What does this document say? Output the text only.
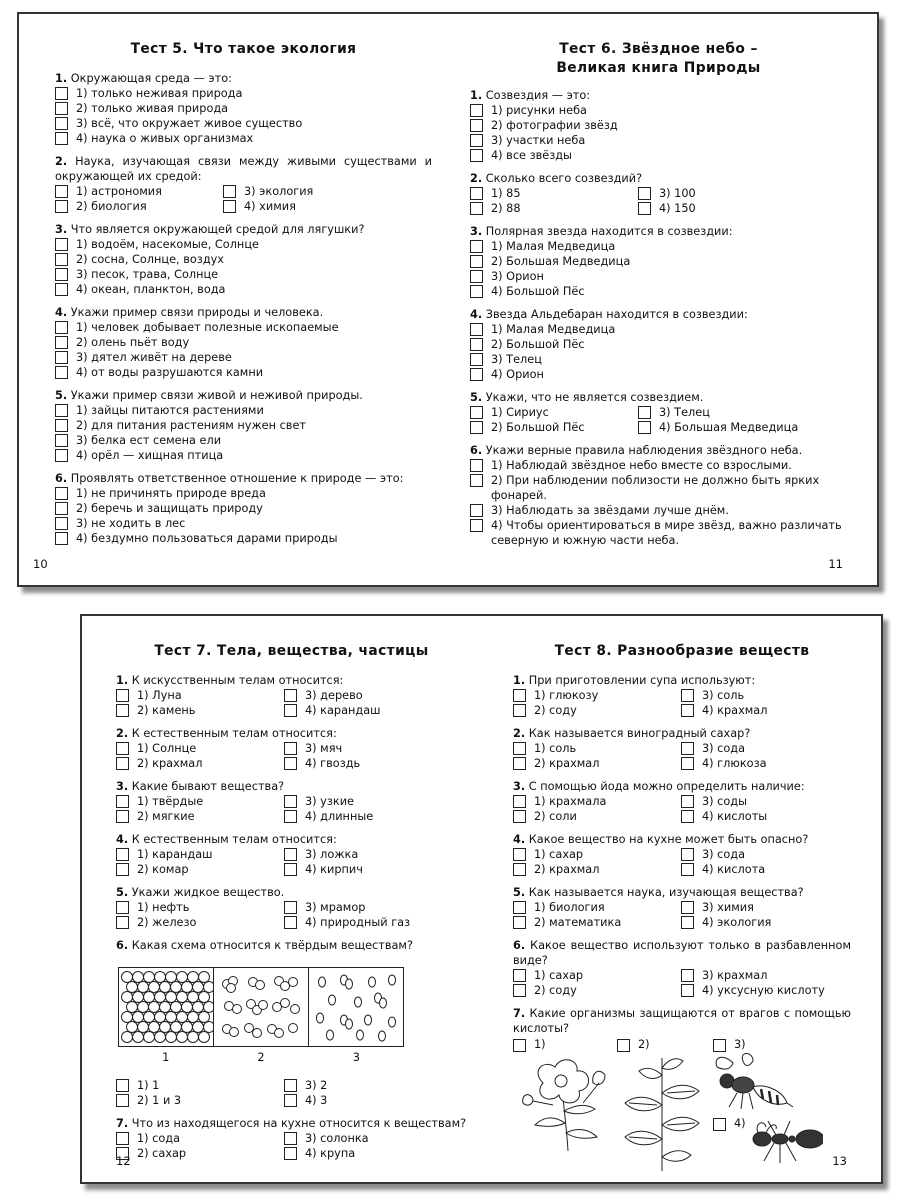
Тест 5. Что такое экология
1. Окружающая среда — это:
1) только неживая природа
2) только живая природа
3) всё, что окружает живое существо
4) наука о живых организмах
2. Наука, изучающая связи между живыми существами и окружающей их средой:
1) астрономия	3) экология
2) биология	4) химия
3. Что является окружающей средой для лягушки?
1) водоём, насекомые, Солнце
2) сосна, Солнце, воздух
3) песок, трава, Солнце
4) океан, планктон, вода
4. Укажи пример связи природы и человека.
1) человек добывает полезные ископаемые
2) олень пьёт воду
3) дятел живёт на дереве
4) от воды разрушаются камни
5. Укажи пример связи живой и неживой природы.
1) зайцы питаются растениями
2) для питания растениям нужен свет
3) белка ест семена ели
4) орёл — хищная птица
6. Проявлять ответственное отношение к природе — это:
1) не причинять природе вреда
2) беречь и защищать природу
3) не ходить в лес
4) бездумно пользоваться дарами природы
10
Тест 6. Звёздное небо –
Великая книга Природы
1. Созвездия — это:
1) рисунки неба
2) фотографии звёзд
3) участки неба
4) все звёзды
2. Сколько всего созвездий?
1) 85	3) 100
2) 88	4) 150
3. Полярная звезда находится в созвездии:
1) Малая Медведица
2) Большая Медведица
3) Орион
4) Большой Пёс
4. Звезда Альдебаран находится в созвездии:
1) Малая Медведица
2) Большой Пёс
3) Телец
4) Орион
5. Укажи, что не является созвездием.
1) Сириус	3) Телец
2) Большой Пёс	4) Большая Медведица
6. Укажи верные правила наблюдения звёздного неба.
1) Наблюдай звёздное небо вместе со взрослыми.
2) При наблюдении поблизости не должно быть ярких фонарей.
3) Наблюдать за звёздами лучше днём.
4) Чтобы ориентироваться в мире звёзд, важно различать северную и южную части неба.
11
Тест 7. Тела, вещества, частицы
1. К искусственным телам относится:
1) Луна	3) дерево
2) камень	4) карандаш
2. К естественным телам относится:
1) Солнце	3) мяч
2) крахмал	4) гвоздь
3. Какие бывают вещества?
1) твёрдые	3) узкие
2) мягкие	4) длинные
4. К естественным телам относится:
1) карандаш	3) ложка
2) комар	4) кирпич
5. Укажи жидкое вещество.
1) нефть	3) мрамор
2) железо	4) природный газ
6. Какая схема относится к твёрдым веществам?
1	2	3
1) 1	3) 2
2) 1 и 3	4) 3
7. Что из находящегося на кухне относится к веществам?
1) сода	3) солонка
2) сахар	4) крупа
12
Тест 8. Разнообразие веществ
1. При приготовлении супа используют:
1) глюкозу	3) соль
2) соду	4) крахмал
2. Как называется виноградный сахар?
1) соль	3) сода
2) крахмал	4) глюкоза
3. С помощью йода можно определить наличие:
1) крахмала	3) соды
2) соли	4) кислоты
4. Какое вещество на кухне может быть опасно?
1) сахар	3) сода
2) крахмал	4) кислота
5. Как называется наука, изучающая вещества?
1) биология	3) химия
2) математика	4) экология
6. Какое вещество используют только в разбавленном виде?
1) сахар	3) крахмал
2) соду	4) уксусную кислоту
7. Какие организмы защищаются от врагов с помощью кислоты?
1)	2)	3)
4)
13
